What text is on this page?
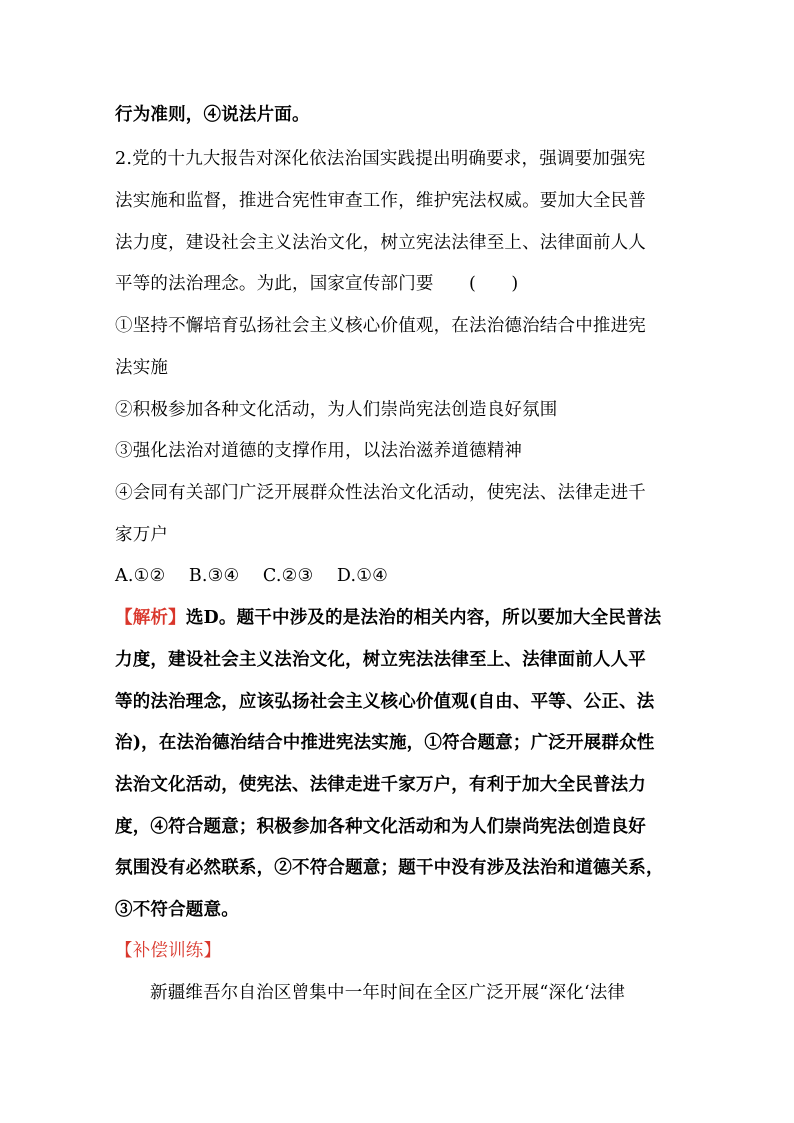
行为准则，④说法片面。
2.党的十九大报告对深化依法治国实践提出明确要求，强调要加强宪
法实施和监督，推进合宪性审查工作，维护宪法权威。要加大全民普
法力度，建设社会主义法治文化，树立宪法法律至上、法律面前人人
平等的法治理念。为此，国家宣传部门要　　(　　)
①坚持不懈培育弘扬社会主义核心价值观，在法治德治结合中推进宪
法实施
②积极参加各种文化活动，为人们崇尚宪法创造良好氛围
③强化法治对道德的支撑作用，以法治滋养道德精神
④会同有关部门广泛开展群众性法治文化活动，使宪法、法律走进千
家万户
A.①②　 B.③④　 C.②③　 D.①④
【解析】选D。题干中涉及的是法治的相关内容，所以要加大全民普法
力度，建设社会主义法治文化，树立宪法法律至上、法律面前人人平
等的法治理念，应该弘扬社会主义核心价值观(自由、平等、公正、法
治)，在法治德治结合中推进宪法实施，①符合题意；广泛开展群众性
法治文化活动，使宪法、法律走进千家万户，有利于加大全民普法力
度，④符合题意；积极参加各种文化活动和为人们崇尚宪法创造良好
氛围没有必然联系，②不符合题意；题干中没有涉及法治和道德关系，
③不符合题意。
【补偿训练】
新疆维吾尔自治区曾集中一年时间在全区广泛开展“深化‘法律
